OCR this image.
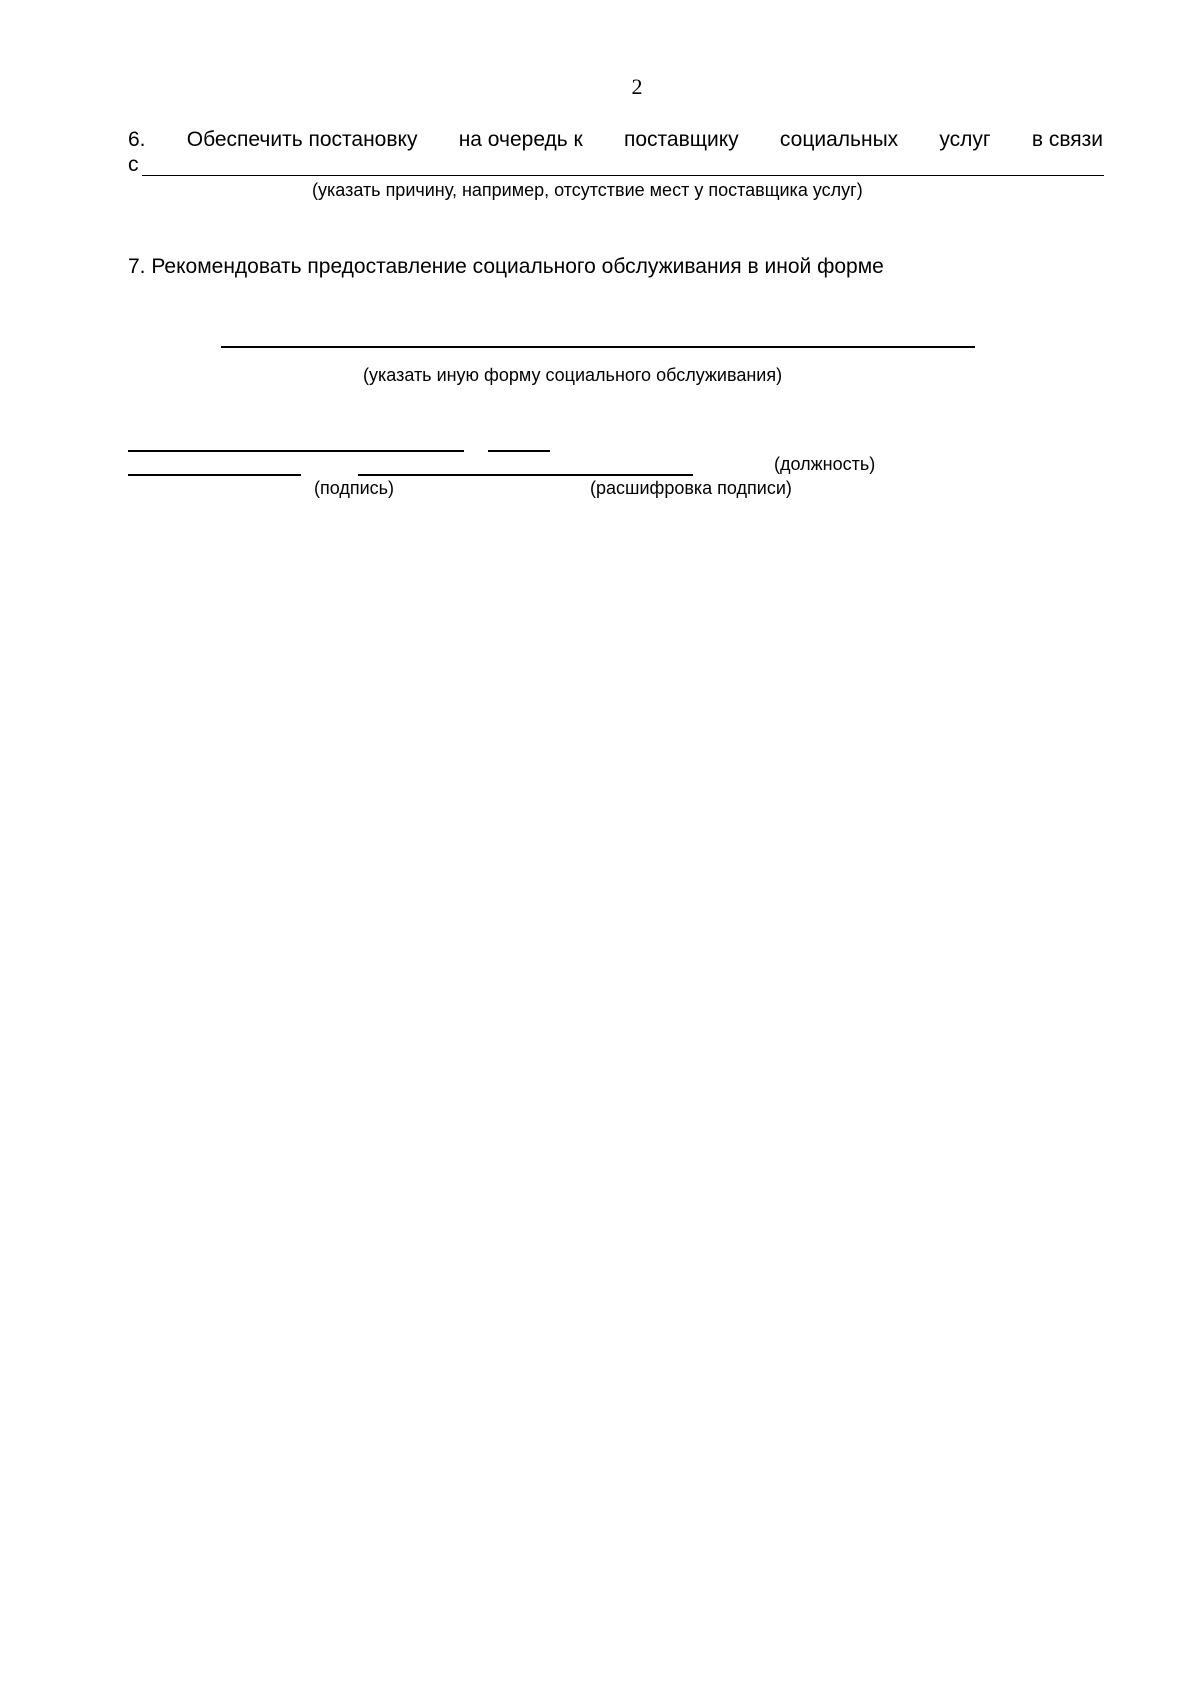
2
6. Обеспечить постановку на очередь к поставщику социальных услуг в связи
с
(указать причину, например, отсутствие мест у поставщика услуг)
7. Рекомендовать предоставление социального обслуживания в иной форме
(указать иную форму социального обслуживания)
(должность)
(подпись)	(расшифровка подписи)
